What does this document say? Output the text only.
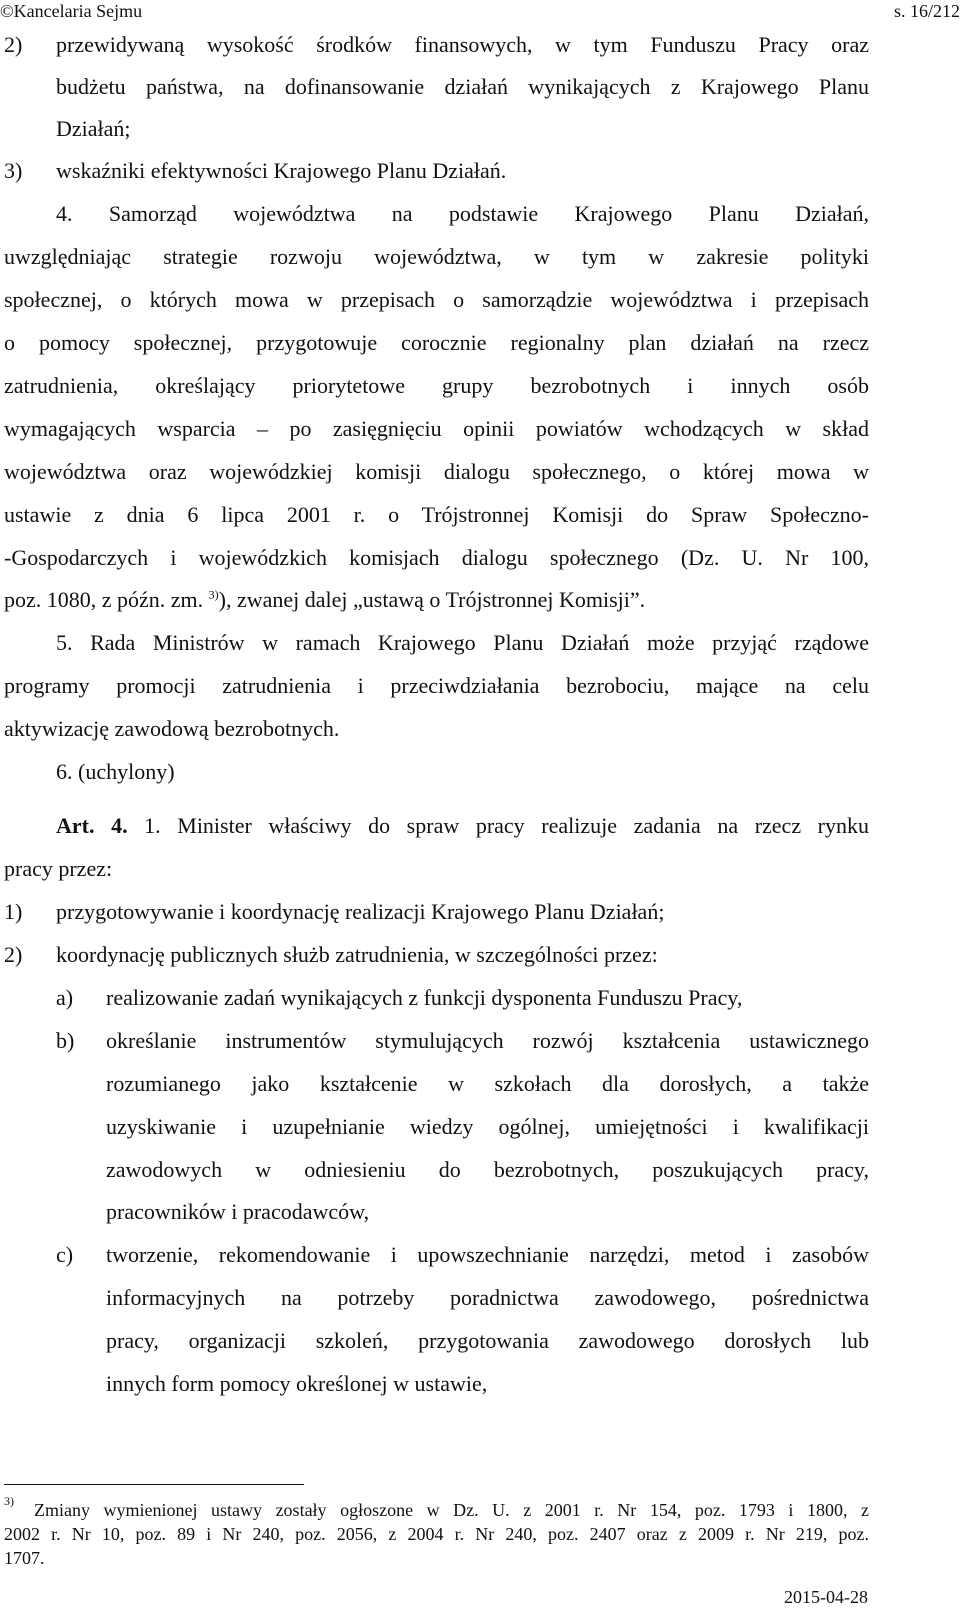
©Kancelaria Sejmu	s. 16/212
2) przewidywaną wysokość środków finansowych, w tym Funduszu Pracy oraz
budżetu państwa, na dofinansowanie działań wynikających z Krajowego Planu
Działań;
3) wskaźniki efektywności Krajowego Planu Działań.
4. Samorząd województwa na podstawie Krajowego Planu Działań,
uwzględniając strategie rozwoju województwa, w tym w zakresie polityki
społecznej, o których mowa w przepisach o samorządzie województwa i przepisach
o pomocy społecznej, przygotowuje corocznie regionalny plan działań na rzecz
zatrudnienia, określający priorytetowe grupy bezrobotnych i innych osób
wymagających wsparcia – po zasięgnięciu opinii powiatów wchodzących w skład
województwa oraz wojewódzkiej komisji dialogu społecznego, o której mowa w
ustawie z dnia 6 lipca 2001 r. o Trójstronnej Komisji do Spraw Społeczno-
-Gospodarczych i wojewódzkich komisjach dialogu społecznego (Dz. U. Nr 100,
poz. 1080, z późn. zm. $^{3)}$), zwanej dalej „ustawą o Trójstronnej Komisji”.
5. Rada Ministrów w ramach Krajowego Planu Działań może przyjąć rządowe
programy promocji zatrudnienia i przeciwdziałania bezrobociu, mające na celu
aktywizację zawodową bezrobotnych.
6. (uchylony)
Art. 4. 1. Minister właściwy do spraw pracy realizuje zadania na rzecz rynku
pracy przez:
1) przygotowywanie i koordynację realizacji Krajowego Planu Działań;
2) koordynację publicznych służb zatrudnienia, w szczególności przez:
a) realizowanie zadań wynikających z funkcji dysponenta Funduszu Pracy,
b) określanie instrumentów stymulujących rozwój kształcenia ustawicznego
rozumianego jako kształcenie w szkołach dla dorosłych, a także
uzyskiwanie i uzupełnianie wiedzy ogólnej, umiejętności i kwalifikacji
zawodowych w odniesieniu do bezrobotnych, poszukujących pracy,
pracowników i pracodawców,
c) tworzenie, rekomendowanie i upowszechnianie narzędzi, metod i zasobów
informacyjnych na potrzeby poradnictwa zawodowego, pośrednictwa
pracy, organizacji szkoleń, przygotowania zawodowego dorosłych lub
innych form pomocy określonej w ustawie,
3) Zmiany wymienionej ustawy zostały ogłoszone w Dz. U. z 2001 r. Nr 154, poz. 1793 i 1800, z
2002 r. Nr 10, poz. 89 i Nr 240, poz. 2056, z 2004 r. Nr 240, poz. 2407 oraz z 2009 r. Nr 219, poz.
1707.
2015-04-28
